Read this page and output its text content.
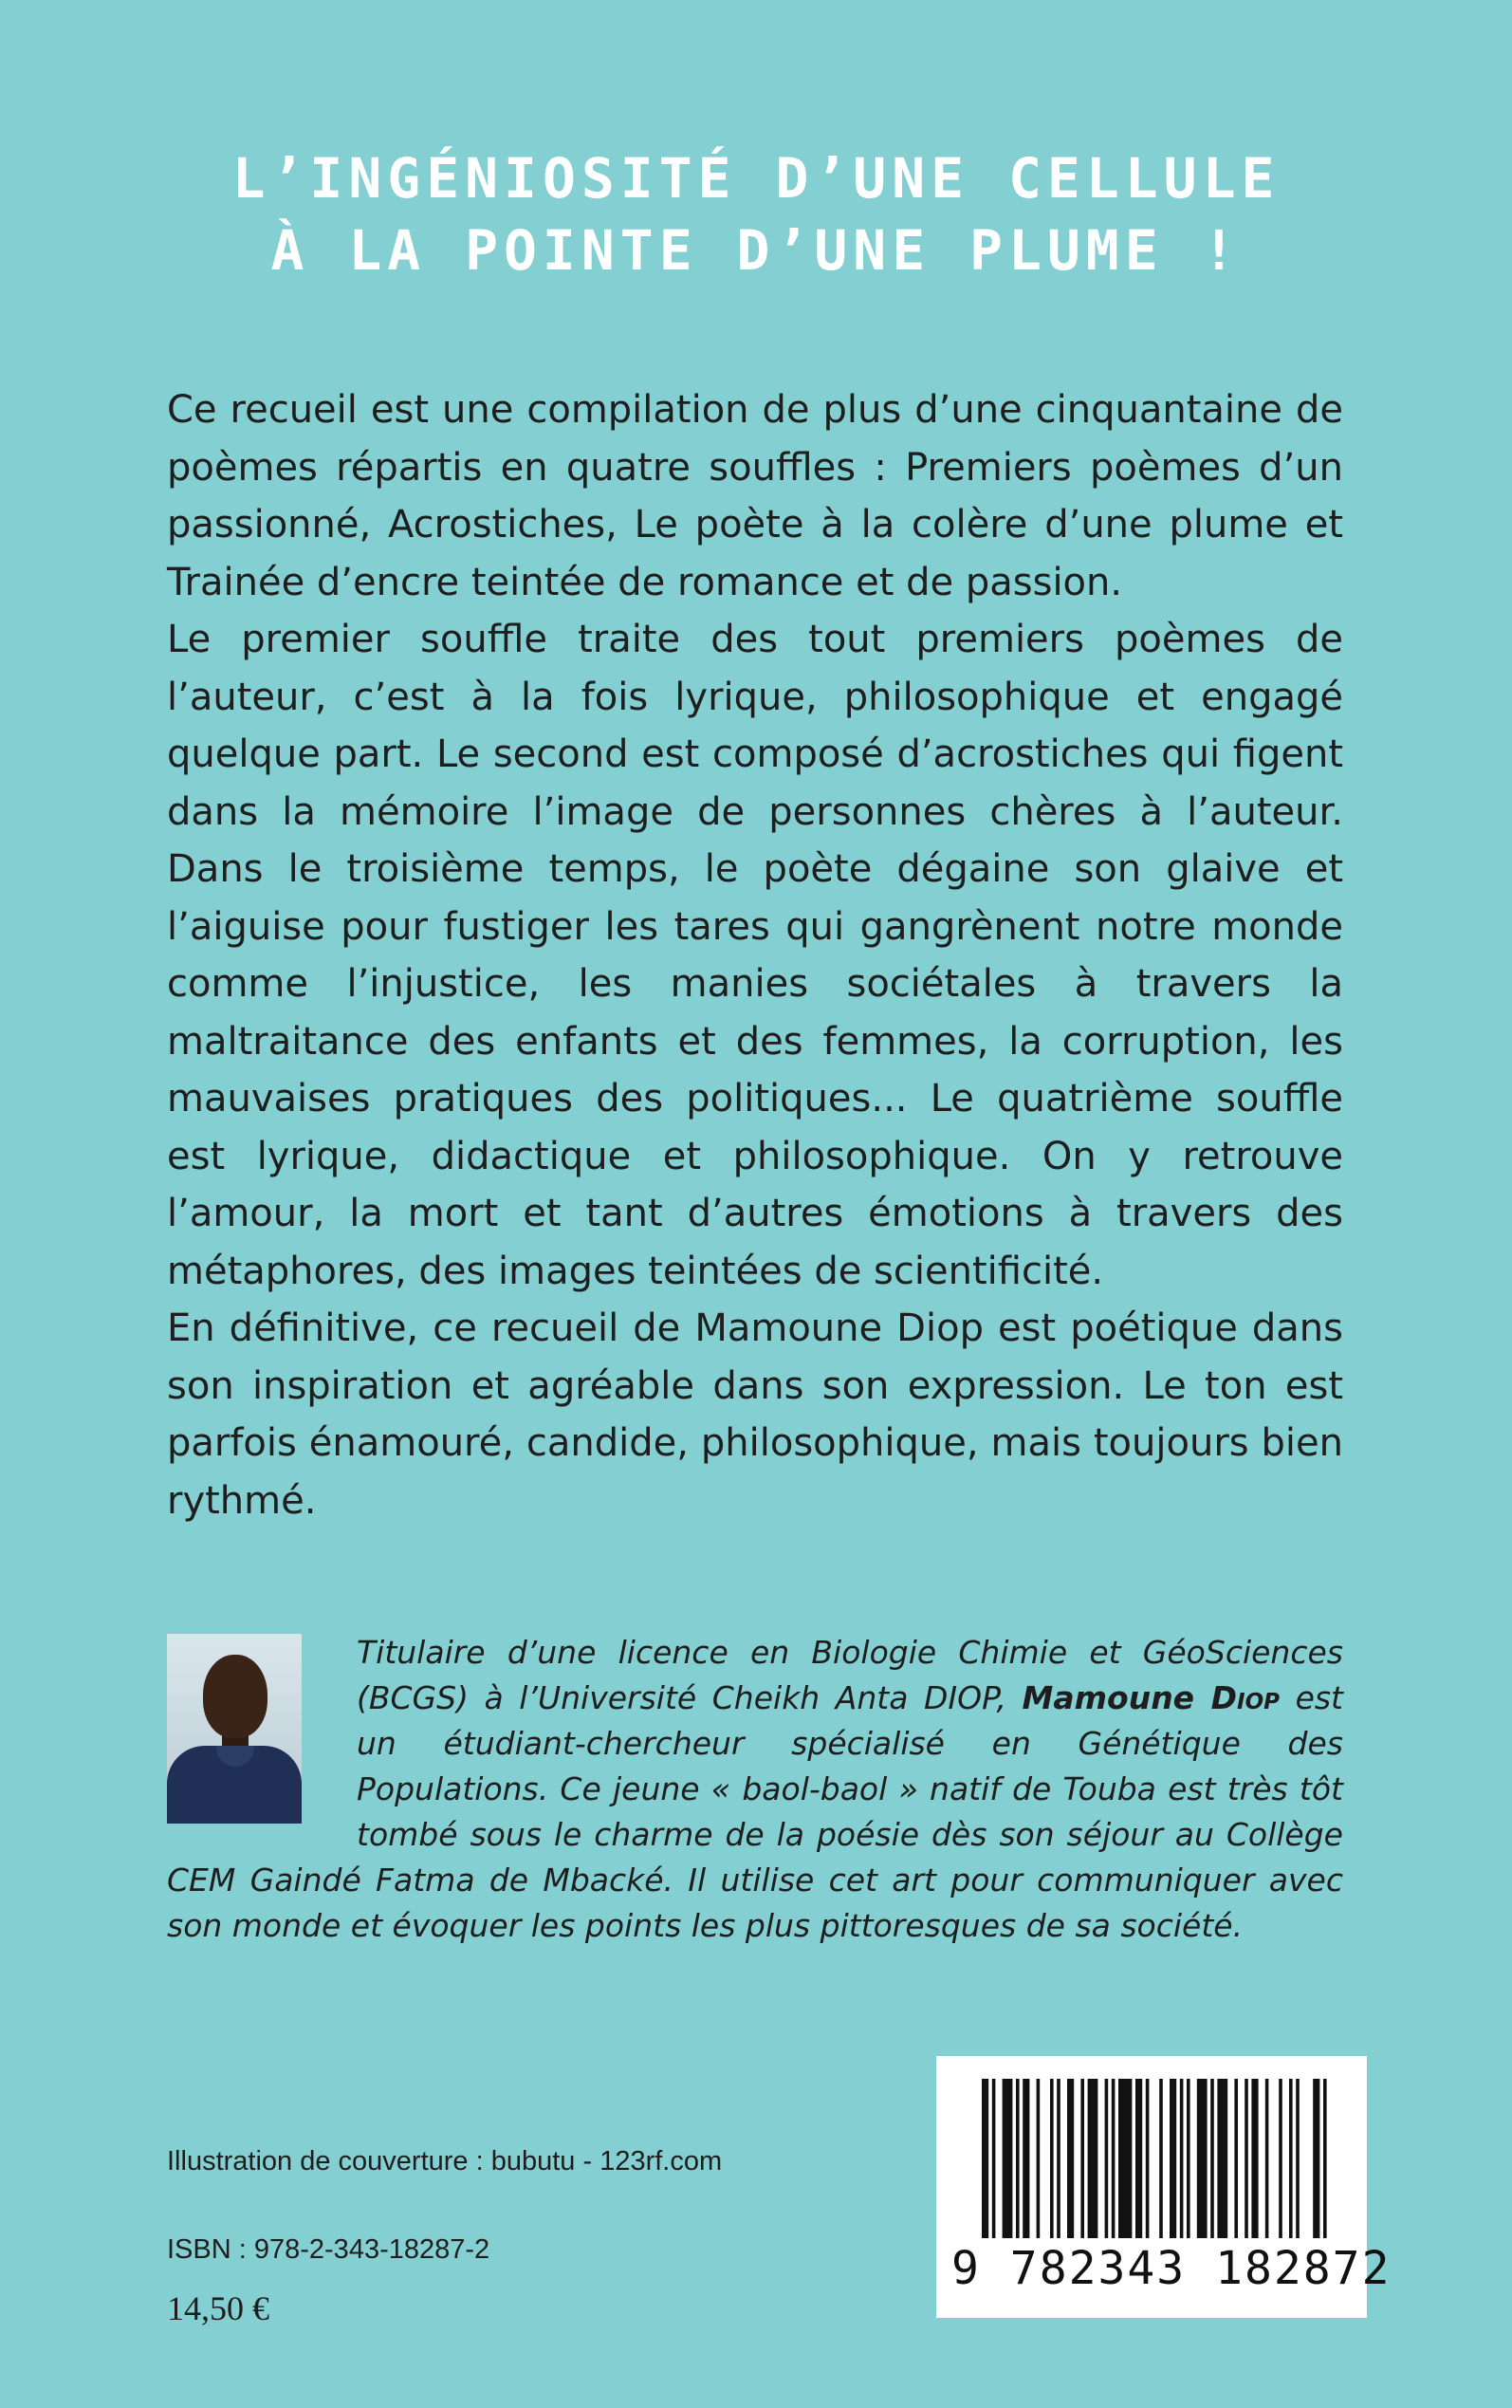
L’INGÉNIOSITÉ D’UNE CELLULE
À LA POINTE D’UNE PLUME !

Ce recueil est une compilation de plus d’une cinquantaine de poèmes répartis en quatre souffles : Premiers poèmes d’un passionné, Acrostiches, Le poète à la colère d’une plume et Trainée d’encre teintée de romance et de passion.

Le premier souffle traite des tout premiers poèmes de l’auteur, c’est à la fois lyrique, philosophique et engagé quelque part. Le second est composé d’acrostiches qui figent dans la mémoire l’image de personnes chères à l’auteur. Dans le troisième temps, le poète dégaine son glaive et l’aiguise pour fustiger les tares qui gangrènent notre monde comme l’injustice, les manies sociétales à travers la maltraitance des enfants et des femmes, la corruption, les mauvaises pratiques des politiques... Le quatrième souffle est lyrique, didactique et philosophique. On y retrouve l’amour, la mort et tant d’autres émotions à travers des métaphores, des images teintées de scientificité.

En définitive, ce recueil de Mamoune Diop est poétique dans son inspiration et agréable dans son expression. Le ton est parfois énamouré, candide, philosophique, mais toujours bien rythmé.

Titulaire d’une licence en Biologie Chimie et GéoSciences (BCGS) à l’Université Cheikh Anta DIOP, Mamoune Diop est un étudiant-chercheur spécialisé en Génétique des Populations. Ce jeune « baol-baol » natif de Touba est très tôt tombé sous le charme de la poésie dès son séjour au Collège CEM Gaindé Fatma de Mbacké. Il utilise cet art pour communiquer avec son monde et évoquer les points les plus pittoresques de sa société.
Illustration de couverture : bubutu - 123rf.com
ISBN : 978-2-343-18287-2
14,50 €
9 782343 182872
